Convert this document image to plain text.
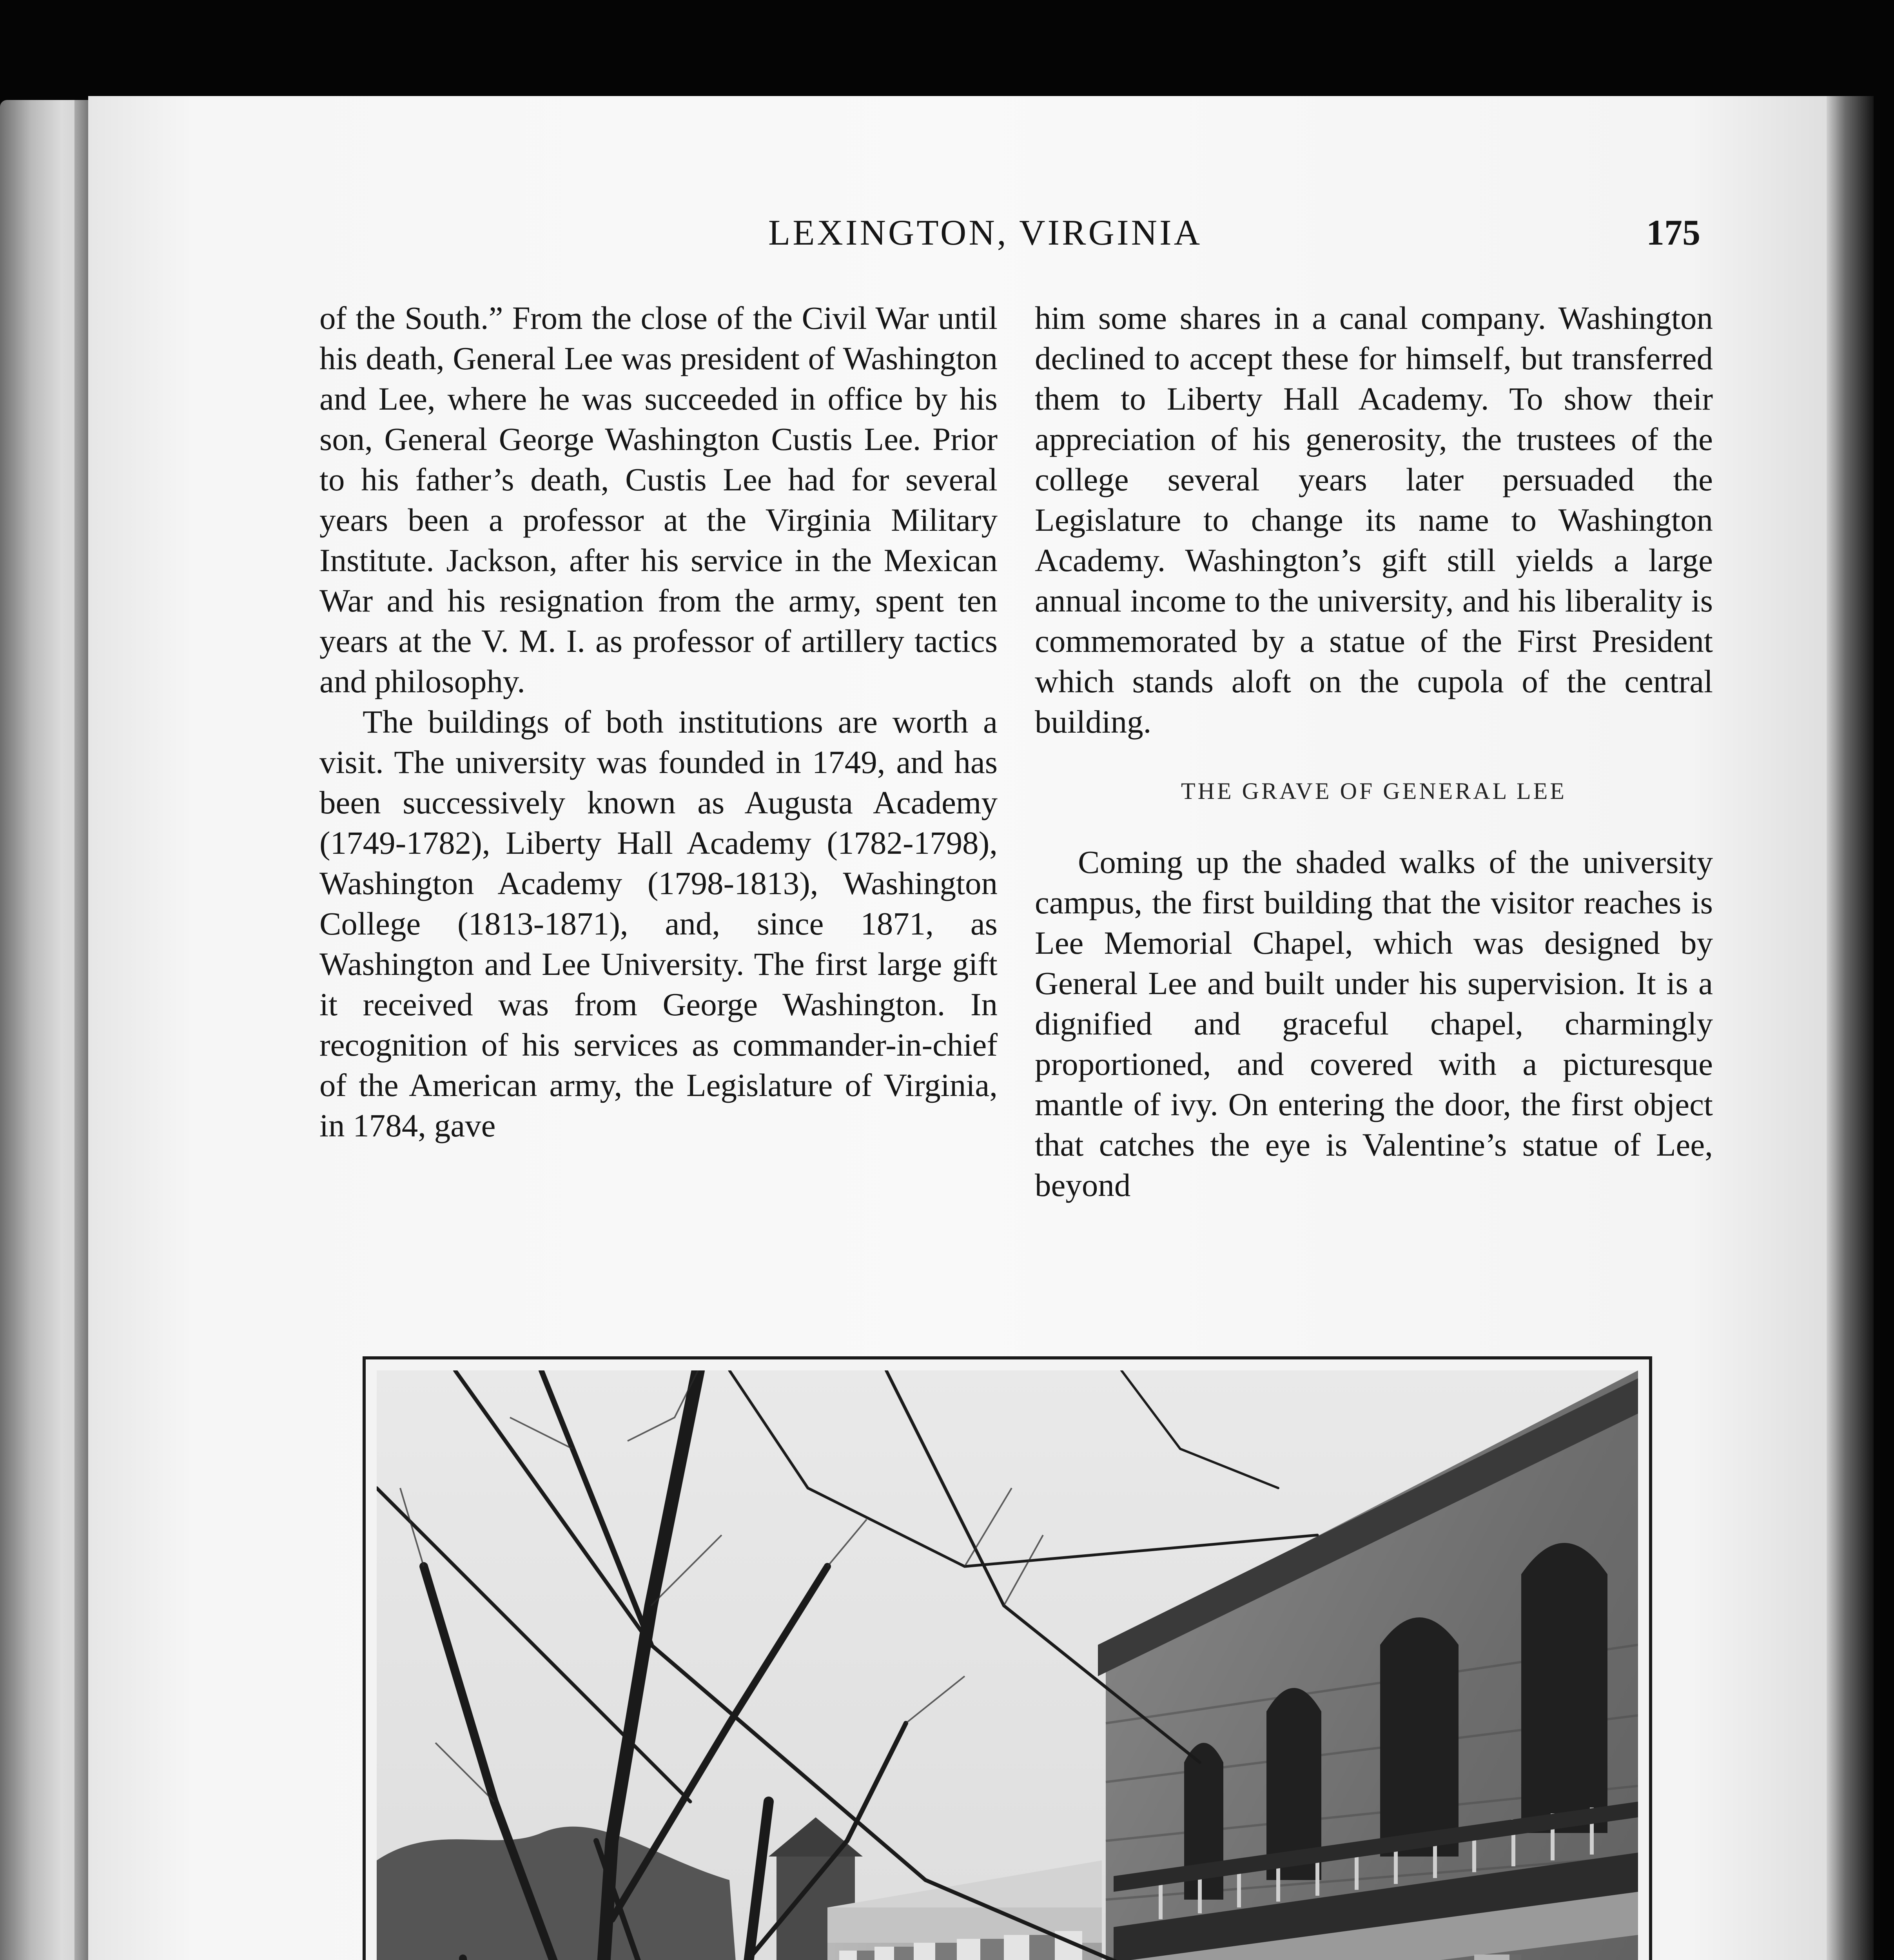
LEXINGTON, VIRGINIA	175

of the South.” From the close of the Civil War until his death, General Lee was president of Washington and Lee, where he was succeeded in office by his son, General George Washington Custis Lee. Prior to his father’s death, Custis Lee had for several years been a professor at the Virginia Military Institute. Jackson, after his service in the Mexican War and his resignation from the army, spent ten years at the V. M. I. as professor of artillery tactics and philosophy.

The buildings of both institutions are worth a visit. The university was founded in 1749, and has been successively known as Augusta Academy (1749-1782), Liberty Hall Academy (1782-1798), Washington Academy (1798-1813), Washington College (1813-1871), and, since 1871, as Washington and Lee University. The first large gift it received was from George Washington. In recognition of his services as commander-in-chief of the American army, the Legislature of Virginia, in 1784, gave

him some shares in a canal company. Washington declined to accept these for himself, but transferred them to Liberty Hall Academy. To show their appreciation of his generosity, the trustees of the college several years later persuaded the Legislature to change its name to Washington Academy. Washington’s gift still yields a large annual income to the university, and his liberality is commemorated by a statue of the First President which stands aloft on the cupola of the central building.

THE GRAVE OF GENERAL LEE

Coming up the shaded walks of the university campus, the first building that the visitor reaches is Lee Memorial Chapel, which was designed by General Lee and built under his supervision. It is a dignified and graceful chapel, charmingly proportioned, and covered with a picturesque mantle of ivy. On entering the door, the first object that catches the eye is Valentine’s statue of Lee, beyond
